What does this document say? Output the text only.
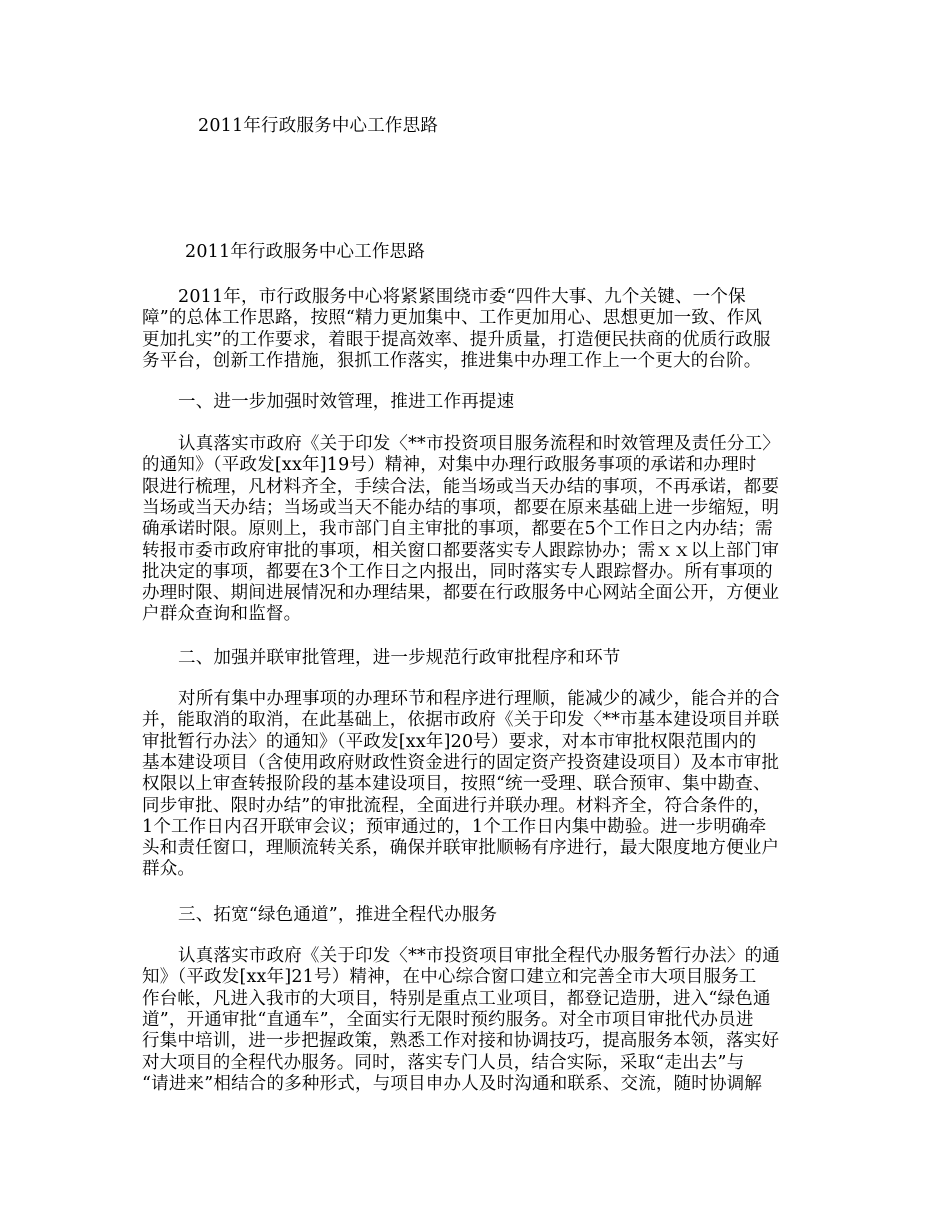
2011年行政服务中心工作思路
2011年行政服务中心工作思路
2011年，市行政服务中心将紧紧围绕市委“四件大事、九个关键、一个保
障”的总体工作思路，按照“精力更加集中、工作更加用心、思想更加一致、作风
更加扎实”的工作要求，着眼于提高效率、提升质量，打造便民扶商的优质行政服
务平台，创新工作措施，狠抓工作落实，推进集中办理工作上一个更大的台阶。
一、进一步加强时效管理，推进工作再提速
认真落实市政府《关于印发〈**市投资项目服务流程和时效管理及责任分工〉
的通知》（平政发[xx年]19号）精神，对集中办理行政服务事项的承诺和办理时
限进行梳理，凡材料齐全，手续合法，能当场或当天办结的事项，不再承诺，都要
当场或当天办结；当场或当天不能办结的事项，都要在原来基础上进一步缩短，明
确承诺时限。原则上，我市部门自主审批的事项，都要在5个工作日之内办结；需
转报市委市政府审批的事项，相关窗口都要落实专人跟踪协办；需ｘｘ以上部门审
批决定的事项，都要在3个工作日之内报出，同时落实专人跟踪督办。所有事项的
办理时限、期间进展情况和办理结果，都要在行政服务中心网站全面公开，方便业
户群众查询和监督。
二、加强并联审批管理，进一步规范行政审批程序和环节
对所有集中办理事项的办理环节和程序进行理顺，能减少的减少，能合并的合
并，能取消的取消，在此基础上，依据市政府《关于印发〈**市基本建设项目并联
审批暂行办法〉的通知》（平政发[xx年]20号）要求，对本市审批权限范围内的
基本建设项目（含使用政府财政性资金进行的固定资产投资建设项目）及本市审批
权限以上审查转报阶段的基本建设项目，按照“统一受理、联合预审、集中勘查、
同步审批、限时办结”的审批流程，全面进行并联办理。材料齐全，符合条件的，
1个工作日内召开联审会议；预审通过的，1个工作日内集中勘验。进一步明确牵
头和责任窗口，理顺流转关系，确保并联审批顺畅有序进行，最大限度地方便业户
群众。
三、拓宽“绿色通道”，推进全程代办服务
认真落实市政府《关于印发〈**市投资项目审批全程代办服务暂行办法〉的通
知》（平政发[xx年]21号）精神，在中心综合窗口建立和完善全市大项目服务工
作台帐，凡进入我市的大项目，特别是重点工业项目，都登记造册，进入“绿色通
道”，开通审批“直通车”，全面实行无限时预约服务。对全市项目审批代办员进
行集中培训，进一步把握政策，熟悉工作对接和协调技巧，提高服务本领，落实好
对大项目的全程代办服务。同时，落实专门人员，结合实际，采取“走出去”与
“请进来”相结合的多种形式，与项目申办人及时沟通和联系、交流，随时协调解
